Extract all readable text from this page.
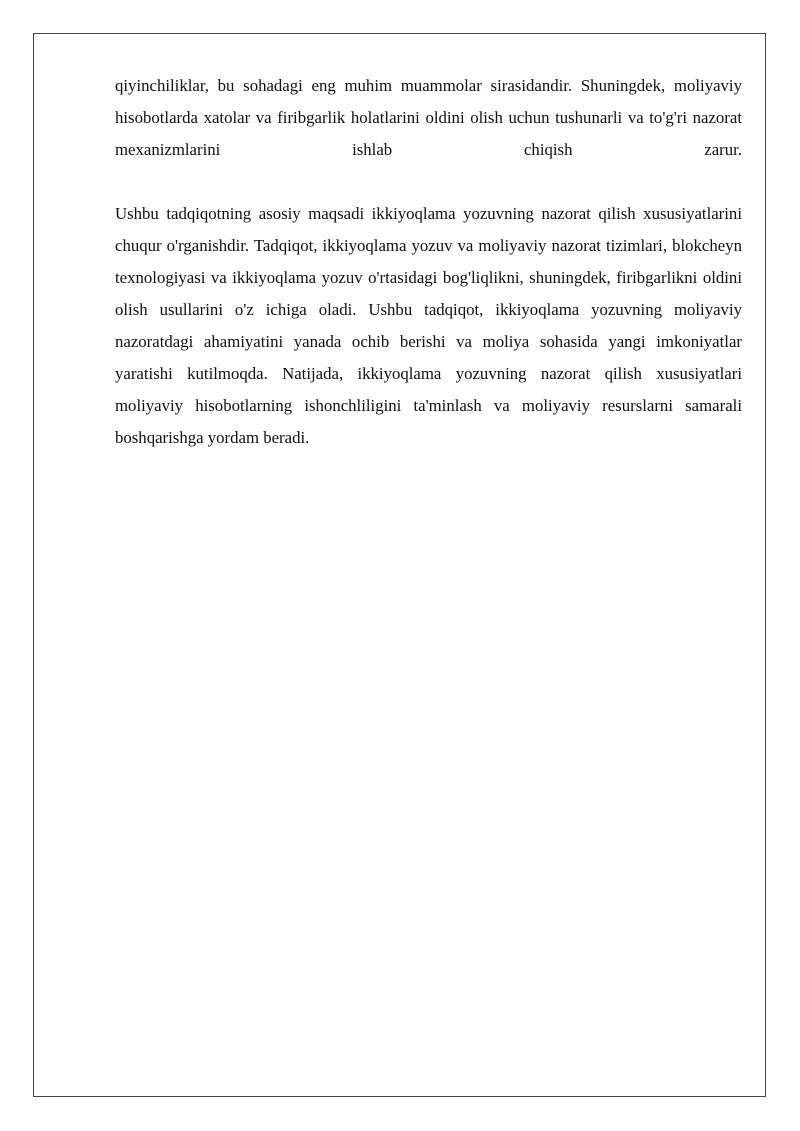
qiyinchiliklar, bu sohadagi eng muhim muammolar sirasidandir. Shuningdek, moliyaviy hisobotlarda xatolar va firibgarlik holatlarini oldini olish uchun tushunarli va to'g'ri nazorat mexanizmlarini ishlab chiqish zarur.

Ushbu tadqiqotning asosiy maqsadi ikkiyoqlama yozuvning nazorat qilish xususiyatlarini chuqur o'rganishdir. Tadqiqot, ikkiyoqlama yozuv va moliyaviy nazorat tizimlari, blokcheyn texnologiyasi va ikkiyoqlama yozuv o'rtasidagi bog'liqlikni, shuningdek, firibgarlikni oldini olish usullarini o'z ichiga oladi. Ushbu tadqiqot, ikkiyoqlama yozuvning moliyaviy nazoratdagi ahamiyatini yanada ochib berishi va moliya sohasida yangi imkoniyatlar yaratishi kutilmoqda. Natijada, ikkiyoqlama yozuvning nazorat qilish xususiyatlari moliyaviy hisobotlarning ishonchliligini ta'minlash va moliyaviy resurslarni samarali boshqarishga yordam beradi.
